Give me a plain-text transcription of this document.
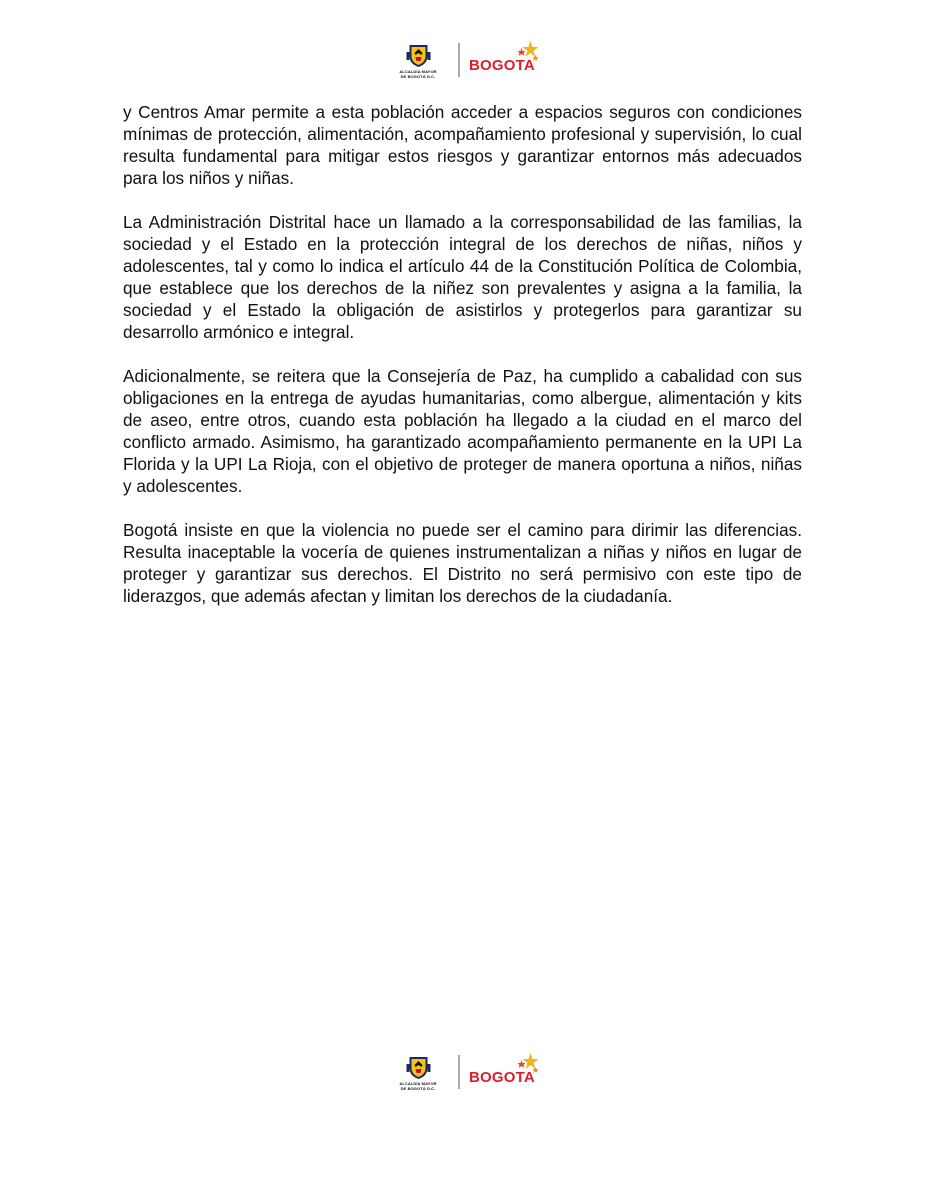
ALCALDÍA MAYOR
DE BOGOTÁ D.C.
BOGOTA

y Centros Amar permite a esta población acceder a espacios seguros con condiciones mínimas de protección, alimentación, acompañamiento profesional y supervisión, lo cual resulta fundamental para mitigar estos riesgos y garantizar entornos más adecuados para los niños y niñas.

La Administración Distrital hace un llamado a la corresponsabilidad de las familias, la sociedad y el Estado en la protección integral de los derechos de niñas, niños y adolescentes, tal y como lo indica el artículo 44 de la Constitución Política de Colombia, que establece que los derechos de la niñez son prevalentes y asigna a la familia, la sociedad y el Estado la obligación de asistirlos y protegerlos para garantizar su desarrollo armónico e integral.

Adicionalmente, se reitera que la Consejería de Paz, ha cumplido a cabalidad con sus obligaciones en la entrega de ayudas humanitarias, como albergue, alimentación y kits de aseo, entre otros, cuando esta población ha llegado a la ciudad en el marco del conflicto armado. Asimismo, ha garantizado acompañamiento permanente en la UPI La Florida y la UPI La Rioja, con el objetivo de proteger de manera oportuna a niños, niñas y adolescentes.

Bogotá insiste en que la violencia no puede ser el camino para dirimir las diferencias. Resulta inaceptable la vocería de quienes instrumentalizan a niñas y niños en lugar de proteger y garantizar sus derechos. El Distrito no será permisivo con este tipo de liderazgos, que además afectan y limitan los derechos de la ciudadanía.

ALCALDÍA MAYOR
DE BOGOTÁ D.C.
BOGOTA
